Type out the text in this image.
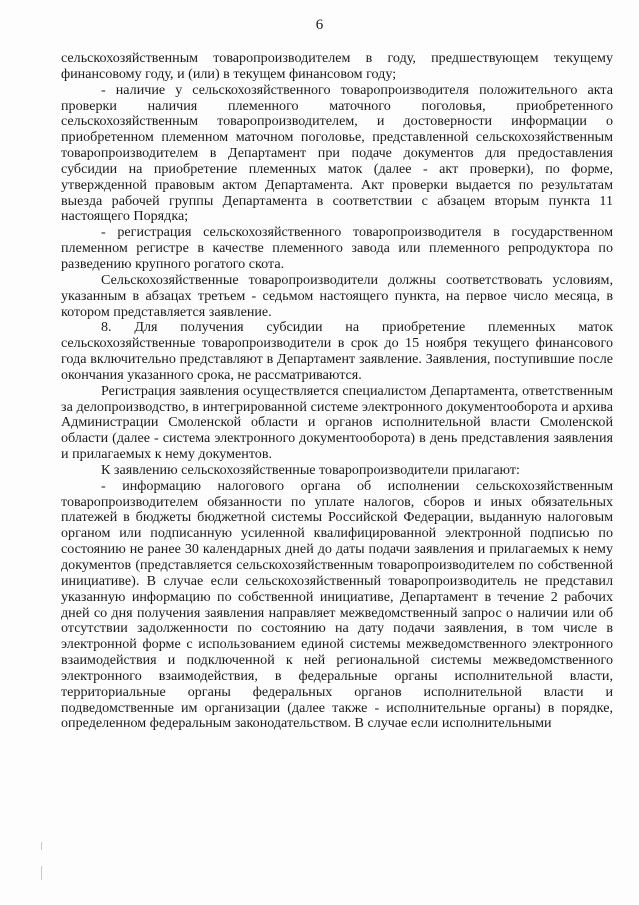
6

сельскохозяйственным товаропроизводителем в году, предшествующем текущему финансовому году, и (или) в текущем финансовом году;

- наличие у сельскохозяйственного товаропроизводителя положительного акта проверки наличия племенного маточного поголовья, приобретенного сельскохозяйственным товаропроизводителем, и достоверности информации о приобретенном племенном маточном поголовье, представленной сельскохозяйственным товаропроизводителем в Департамент при подаче документов для предоставления субсидии на приобретение племенных маток (далее - акт проверки), по форме, утвержденной правовым актом Департамента. Акт проверки выдается по результатам выезда рабочей группы Департамента в соответствии с абзацем вторым пункта 11 настоящего Порядка;

- регистрация сельскохозяйственного товаропроизводителя в государственном племенном регистре в качестве племенного завода или племенного репродуктора по разведению крупного рогатого скота.

Сельскохозяйственные товаропроизводители должны соответствовать условиям, указанным в абзацах третьем - седьмом настоящего пункта, на первое число месяца, в котором представляется заявление.

8. Для получения субсидии на приобретение племенных маток сельскохозяйственные товаропроизводители в срок до 15 ноября текущего финансового года включительно представляют в Департамент заявление. Заявления, поступившие после окончания указанного срока, не рассматриваются.

Регистрация заявления осуществляется специалистом Департамента, ответственным за делопроизводство, в интегрированной системе электронного документооборота и архива Администрации Смоленской области и органов исполнительной власти Смоленской области (далее - система электронного документооборота) в день представления заявления и прилагаемых к нему документов.

К заявлению сельскохозяйственные товаропроизводители прилагают:

- информацию налогового органа об исполнении сельскохозяйственным товаропроизводителем обязанности по уплате налогов, сборов и иных обязательных платежей в бюджеты бюджетной системы Российской Федерации, выданную налоговым органом или подписанную усиленной квалифицированной электронной подписью по состоянию не ранее 30 календарных дней до даты подачи заявления и прилагаемых к нему документов (представляется сельскохозяйственным товаропроизводителем по собственной инициативе). В случае если сельскохозяйственный товаропроизводитель не представил указанную информацию по собственной инициативе, Департамент в течение 2 рабочих дней со дня получения заявления направляет межведомственный запрос о наличии или об отсутствии задолженности по состоянию на дату подачи заявления, в том числе в электронной форме с использованием единой системы межведомственного электронного взаимодействия и подключенной к ней региональной системы межведомственного электронного взаимодействия, в федеральные органы исполнительной власти, территориальные органы федеральных органов исполнительной власти и подведомственные им организации (далее также - исполнительные органы) в порядке, определенном федеральным законодательством. В случае если исполнительными
